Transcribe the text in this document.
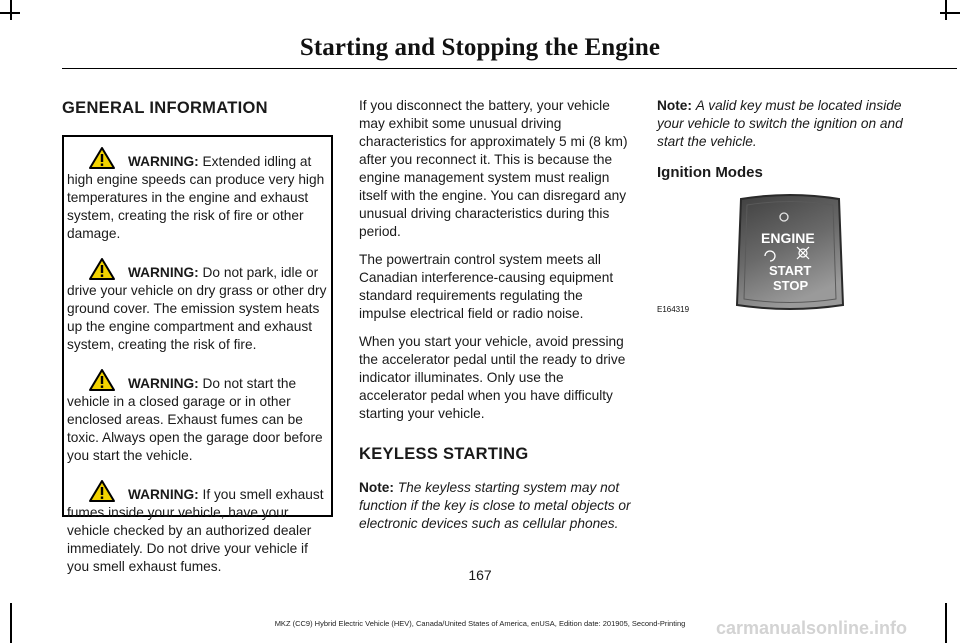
Starting and Stopping the Engine
GENERAL INFORMATION
WARNING: Extended idling at high engine speeds can produce very high temperatures in the engine and exhaust system, creating the risk of fire or other damage.
WARNING: Do not park, idle or drive your vehicle on dry grass or other dry ground cover. The emission system heats up the engine compartment and exhaust system, creating the risk of fire.
WARNING: Do not start the vehicle in a closed garage or in other enclosed areas. Exhaust fumes can be toxic. Always open the garage door before you start the vehicle.
WARNING: If you smell exhaust fumes inside your vehicle, have your vehicle checked by an authorized dealer immediately. Do not drive your vehicle if you smell exhaust fumes.

If you disconnect the battery, your vehicle may exhibit some unusual driving characteristics for approximately 5 mi (8 km) after you reconnect it. This is because the engine management system must realign itself with the engine. You can disregard any unusual driving characteristics during this period.

The powertrain control system meets all Canadian interference-causing equipment standard requirements regulating the impulse electrical field or radio noise.

When you start your vehicle, avoid pressing the accelerator pedal until the ready to drive indicator illuminates. Only use the accelerator pedal when you have difficulty starting your vehicle.

KEYLESS STARTING

Note: The keyless starting system may not function if the key is close to metal objects or electronic devices such as cellular phones.

Note: A valid key must be located inside your vehicle to switch the ignition on and start the vehicle.

Ignition Modes
ENGINE
START
STOP
E164319
167
MKZ (CC9) Hybrid Electric Vehicle (HEV), Canada/United States of America, enUSA, Edition date: 201905, Second-Printing	carmanualsonline.info
